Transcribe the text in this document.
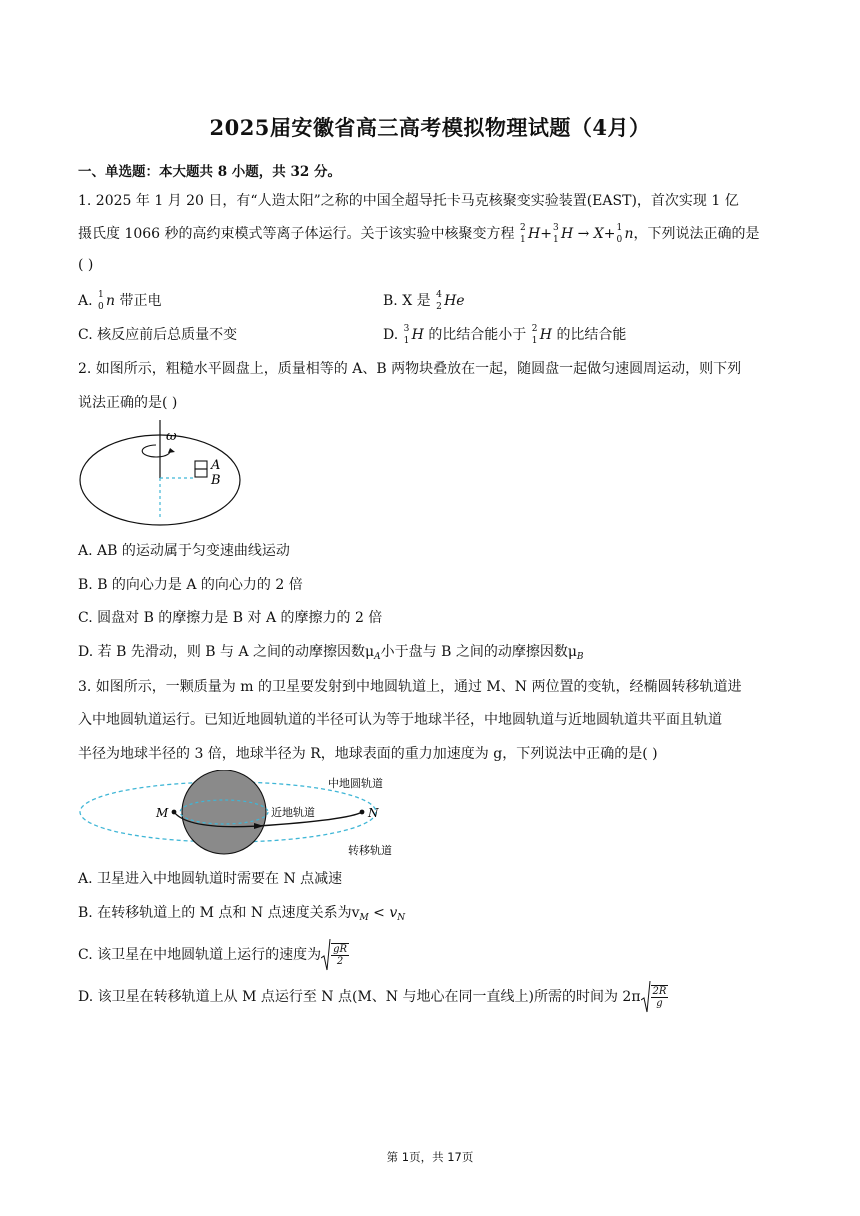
2025届安徽省高三高考模拟物理试题（4月）
一、单选题：本大题共 8 小题，共 32 分。
1. 2025 年 1 月 20 日，有“人造太阳”之称的中国全超导托卡马克核聚变实验装置(EAST)，首次实现 1 亿
摄氏度 1066 秒的高约束模式等离子体运行。关于该实验中核聚变方程 2
1 H+ 3
1 H → X+ 1
0 n，下列说法正确的是
( )
A. 1
0 n 带正电	B. X 是 4
2 He
C. 核反应前后总质量不变	D. 3
1 H 的比结合能小于 2
1 H 的比结合能
2. 如图所示，粗糙水平圆盘上，质量相等的 A、B 两物块叠放在一起，随圆盘一起做匀速圆周运动，则下列
说法正确的是( )
ω
A
B
A. AB 的运动属于匀变速曲线运动
B. B 的向心力是 A 的向心力的 2 倍
C. 圆盘对 B 的摩擦力是 B 对 A 的摩擦力的 2 倍
D. 若 B 先滑动，则 B 与 A 之间的动摩擦因数$\mu_A$小于盘与 B 之间的动摩擦因数$\mu_B$
3. 如图所示，一颗质量为 m 的卫星要发射到中地圆轨道上，通过 M、N 两位置的变轨，经椭圆转移轨道进
入中地圆轨道运行。已知近地圆轨道的半径可认为等于地球半径，中地圆轨道与近地圆轨道共平面且轨道
半径为地球半径的 3 倍，地球半径为 R，地球表面的重力加速度为 g，下列说法中正确的是( )
M	N
中地圆轨道
近地轨道
转移轨道
A. 卫星进入中地圆轨道时需要在 N 点减速
B. 在转移轨道上的 M 点和 N 点速度关系为$v_M < v_N$
C. 该卫星在中地圆轨道上运行的速度为 $\frac{gR}{2}$
D. 该卫星在转移轨道上从 M 点运行至 N 点(M、N 与地心在同一直线上)所需的时间为 $2\pi \frac{2R}{g}$
第 1页，共 17页
